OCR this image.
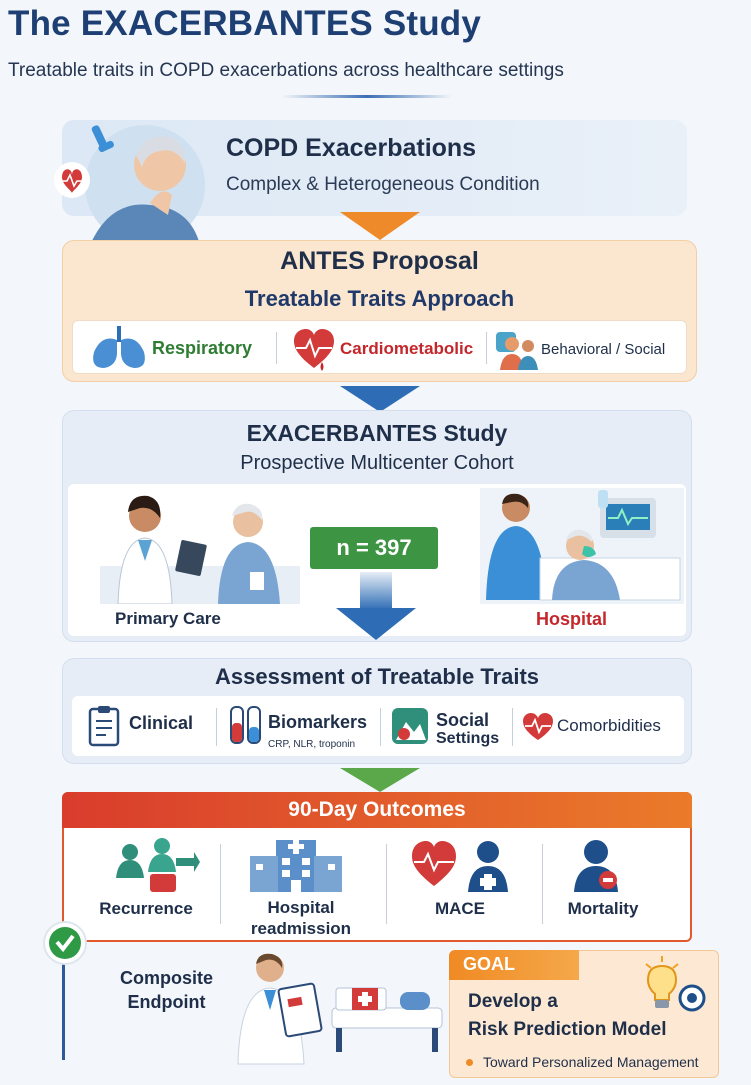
The EXACERBANTES Study
Treatable traits in COPD exacerbations across healthcare settings
COPD Exacerbations
Complex & Heterogeneous Condition
ANTES Proposal
Treatable Traits Approach
Respiratory	Cardiometabolic	Behavioral / Social
EXACERBANTES Study
Prospective Multicenter Cohort
n = 397
Primary Care	Hospital
Assessment of Treatable Traits
Clinical	Biomarkers
CRP, NLR, troponin
Social
Settings
Comorbidities
90-Day Outcomes
Recurrence	Hospital
readmission
MACE	Mortality
Composite
Endpoint
GOAL
Develop a
Risk Prediction Model
Toward Personalized Management
